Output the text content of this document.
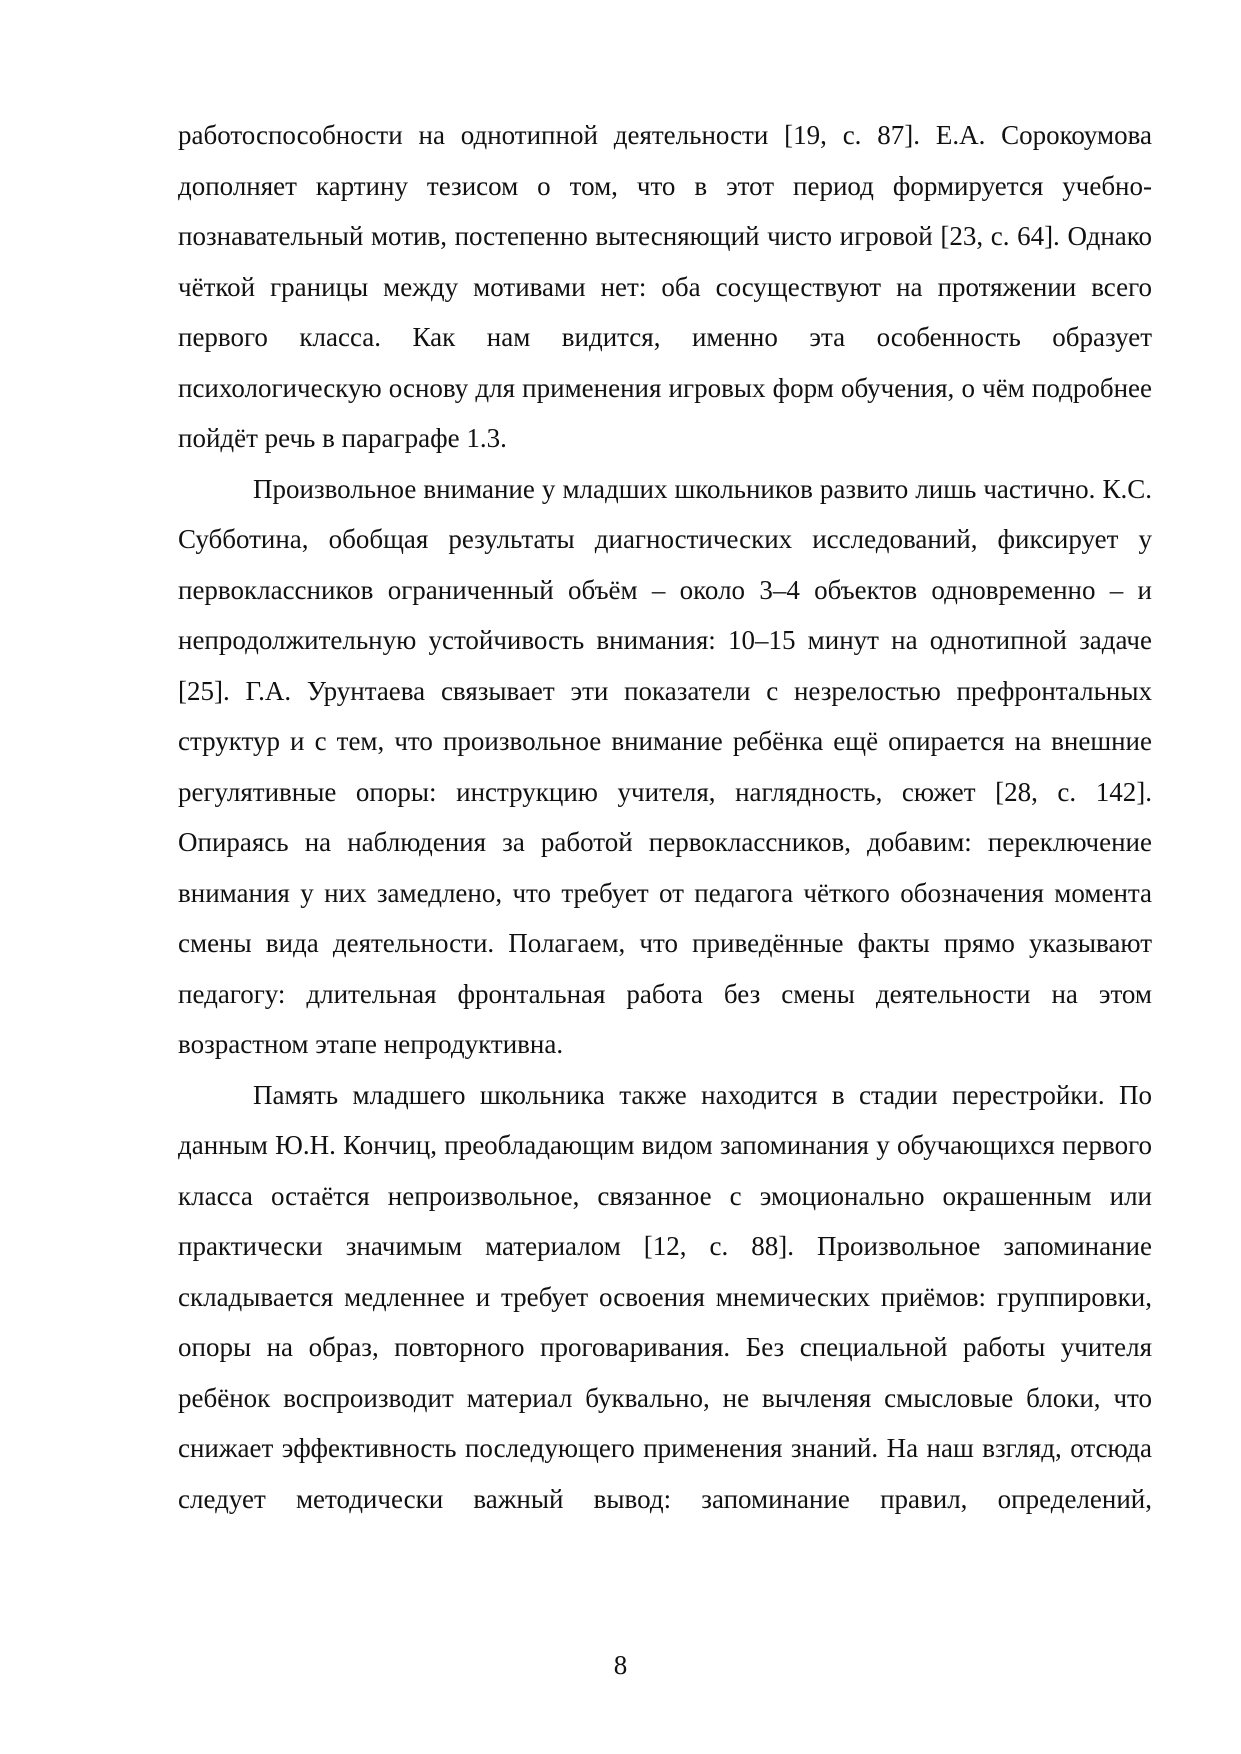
работоспособности на однотипной деятельности [19, с. 87]. Е.А. Сорокоумова дополняет картину тезисом о том, что в этот период формируется учебно-познавательный мотив, постепенно вытесняющий чисто игровой [23, с. 64]. Однако чёткой границы между мотивами нет: оба сосуществуют на протяжении всего первого класса. Как нам видится, именно эта особенность образует психологическую основу для применения игровых форм обучения, о чём подробнее пойдёт речь в параграфе 1.3.

Произвольное внимание у младших школьников развито лишь частично. К.С. Субботина, обобщая результаты диагностических исследований, фиксирует у первоклассников ограниченный объём – около 3–4 объектов одновременно – и непродолжительную устойчивость внимания: 10–15 минут на однотипной задаче [25]. Г.А. Урунтаева связывает эти показатели с незрелостью префронтальных структур и с тем, что произвольное внимание ребёнка ещё опирается на внешние регулятивные опоры: инструкцию учителя, наглядность, сюжет [28, с. 142]. Опираясь на наблюдения за работой первоклассников, добавим: переключение внимания у них замедлено, что требует от педагога чёткого обозначения момента смены вида деятельности. Полагаем, что приведённые факты прямо указывают педагогу: длительная фронтальная работа без смены деятельности на этом возрастном этапе непродуктивна.

Память младшего школьника также находится в стадии перестройки. По данным Ю.Н. Кончиц, преобладающим видом запоминания у обучающихся первого класса остаётся непроизвольное, связанное с эмоционально окрашенным или практически значимым материалом [12, с. 88]. Произвольное запоминание складывается медленнее и требует освоения мнемических приёмов: группировки, опоры на образ, повторного проговаривания. Без специальной работы учителя ребёнок воспроизводит материал буквально, не вычленяя смысловые блоки, что снижает эффективность последующего применения знаний. На наш взгляд, отсюда следует методически важный вывод: запоминание правил, определений,

8
